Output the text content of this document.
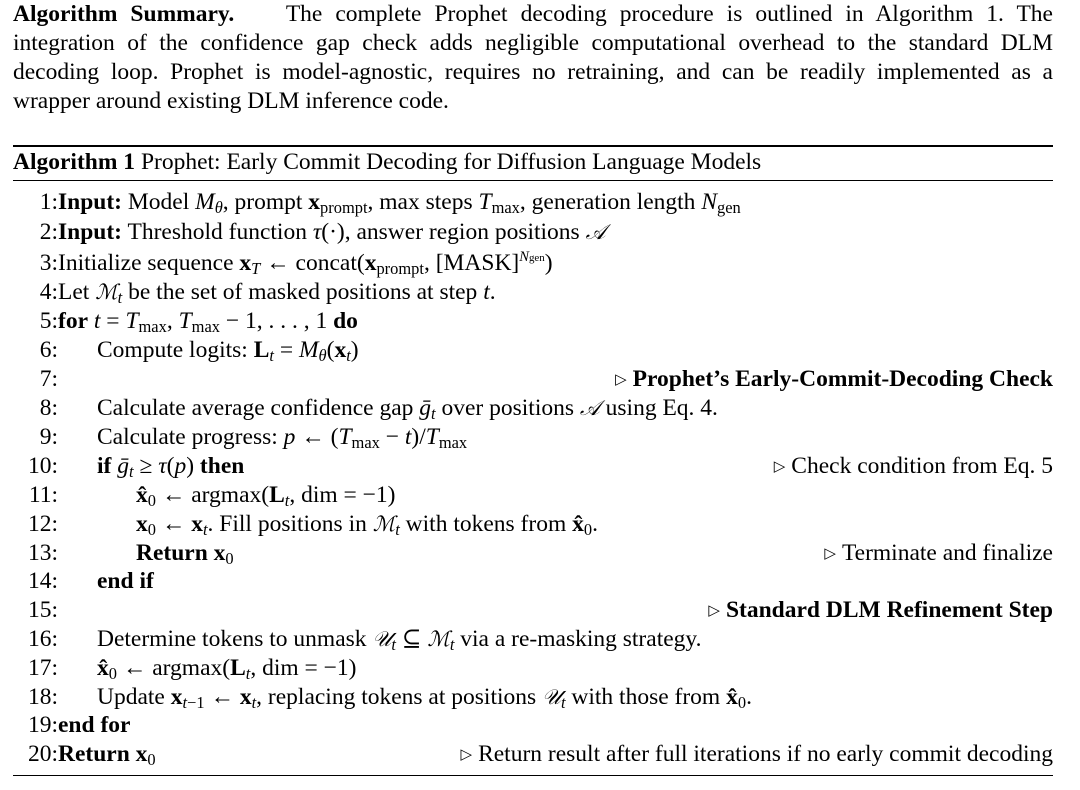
Algorithm Summary. The complete Prophet decoding procedure is outlined in Algorithm 1. The integration of the confidence gap check adds negligible computational overhead to the standard DLM decoding loop. Prophet is model-agnostic, requires no retraining, and can be readily implemented as a wrapper around existing DLM inference code.
Algorithm 1 Prophet: Early Commit Decoding for Diffusion Language Models
1: Input: Model $M_\theta$, prompt $x_{prompt}$, max steps $T_{max}$, generation length $N_{gen}$
2: Input: Threshold function τ(·), answer region positions 𝒜
3: Initialize sequence $x_T$ ← $concat(x_{prompt}$, [MASK]$^{Ngen}$)
4: Let ℳ$_t$ be the set of masked positions at step t.
5: for $t = T_{max}$, $T_{max} - 1$, . . . , 1 do
6: Compute logits: $L_t = M_\theta(x_t)$
7:	▷ Prophet’s Early-Commit-Decoding Check
8: Calculate average confidence gap ḡ$_t$ over positions 𝒜 using Eq. 4.
9: Calculate progress: p ← $(T_{max} - t)/T_{max}$
10: if ḡ$_t$ ≥ τ(p) then	▷ Check condition from Eq. 5
11:	$x̂_0$ ← $argmax(L_t$, dim = −1)
12:	$x_0$ ← $x_t$. Fill positions in ℳ$_t$ with tokens from $x̂_0$.
13:	Return $x_0$	▷ Terminate and finalize
14: end if
15:	▷ Standard DLM Refinement Step
16: Determine tokens to unmask 𝒰$_t$ ⊆ ℳ$_t$ via a re-masking strategy.
17: $x̂_0$ ← $argmax(L_t$, dim = −1)
18: Update $x_{t-1}$ ← $x_t$, replacing tokens at positions 𝒰$_t$ with those from $x̂_0$.
19: end for
20: Return $x_0$	▷ Return result after full iterations if no early commit decoding
